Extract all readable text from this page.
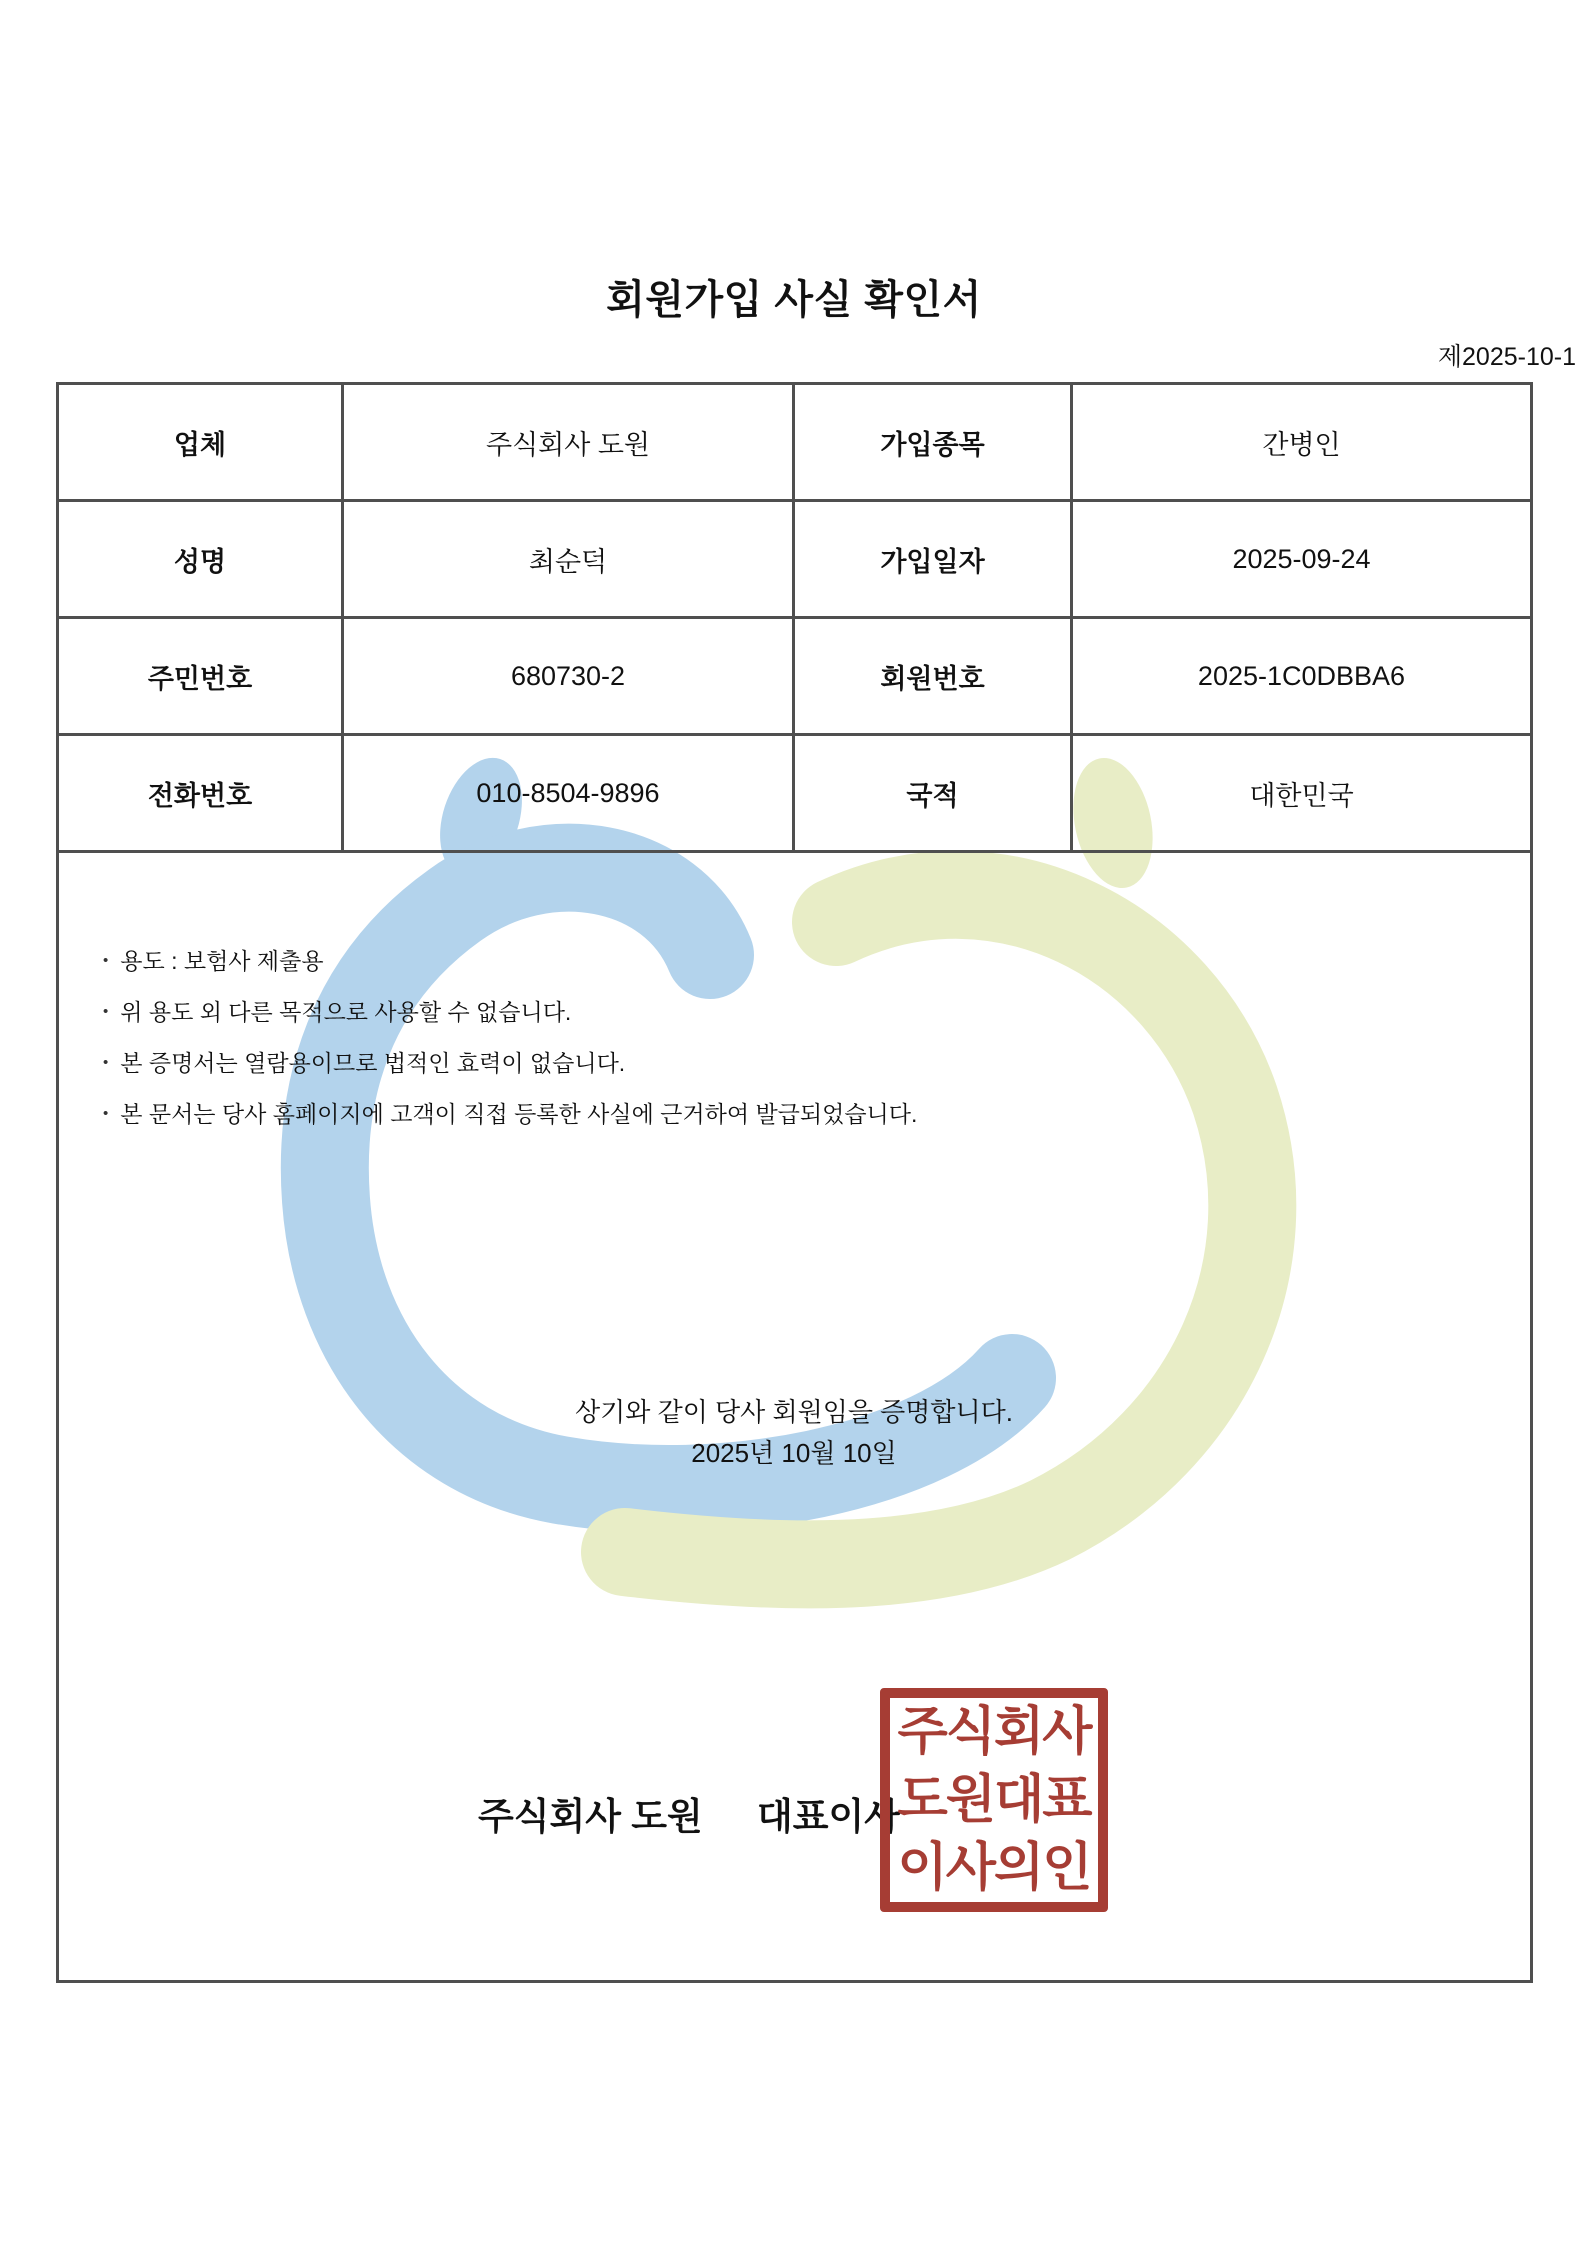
회원가입 사실 확인서
제2025-10-1
업체	주식회사 도원	가입종목	간병인
성명	최순덕	가입일자	2025-09-24
주민번호	680730-2	회원번호	2025-1C0DBBA6
전화번호	010-8504-9896	국적	대한민국
• 용도 : 보험사 제출용
• 위 용도 외 다른 목적으로 사용할 수 없습니다.
• 본 증명서는 열람용이므로 법적인 효력이 없습니다.
• 본 문서는 당사 홈페이지에 고객이 직접 등록한 사실에 근거하여 발급되었습니다.
상기와 같이 당사 회원임을 증명합니다.
2025년 10월 10일
주식회사 도원 대표이사
주식회사
도원대표
이사의인
